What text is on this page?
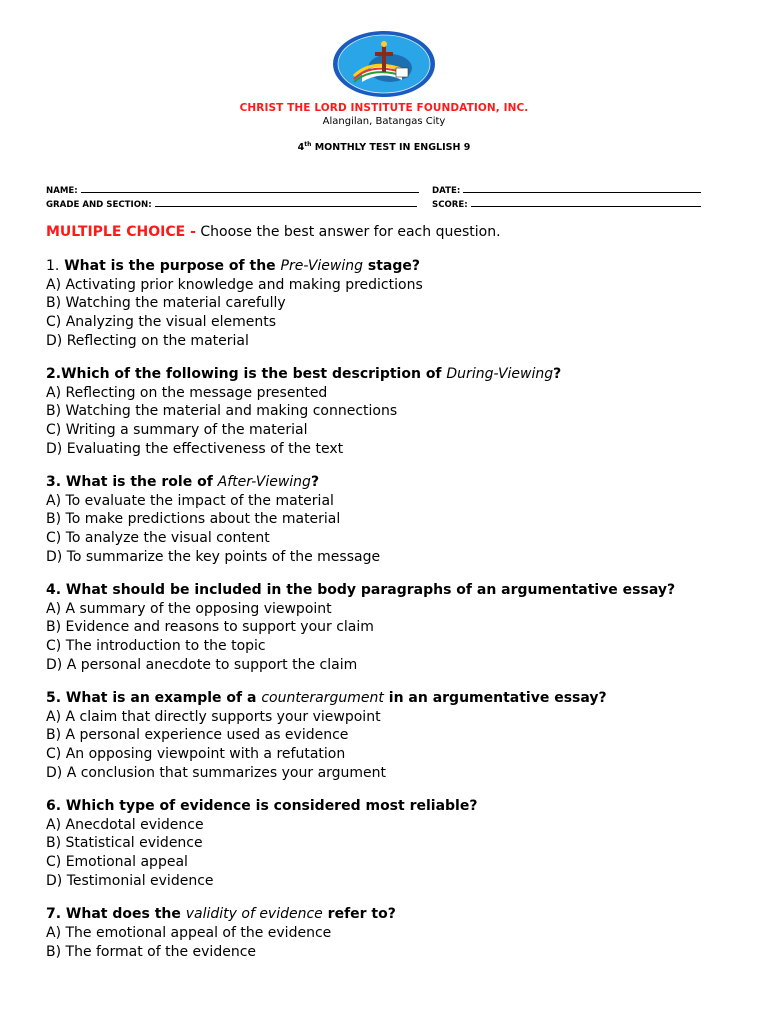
CHRIST THE LORD INSTITUTE FOUNDATION, INC.
Alangilan, Batangas City
4th MONTHLY TEST IN ENGLISH 9
NAME:	DATE:
GRADE AND SECTION:	SCORE:
MULTIPLE CHOICE - Choose the best answer for each question.
1. What is the purpose of the Pre-Viewing stage?
A) Activating prior knowledge and making predictions
B) Watching the material carefully
C) Analyzing the visual elements
D) Reflecting on the material
2.Which of the following is the best description of During-Viewing?
A) Reflecting on the message presented
B) Watching the material and making connections
C) Writing a summary of the material
D) Evaluating the effectiveness of the text
3. What is the role of After-Viewing?
A) To evaluate the impact of the material
B) To make predictions about the material
C) To analyze the visual content
D) To summarize the key points of the message
4. What should be included in the body paragraphs of an argumentative essay?
A) A summary of the opposing viewpoint
B) Evidence and reasons to support your claim
C) The introduction to the topic
D) A personal anecdote to support the claim
5. What is an example of a counterargument in an argumentative essay?
A) A claim that directly supports your viewpoint
B) A personal experience used as evidence
C) An opposing viewpoint with a refutation
D) A conclusion that summarizes your argument
6. Which type of evidence is considered most reliable?
A) Anecdotal evidence
B) Statistical evidence
C) Emotional appeal
D) Testimonial evidence
7. What does the validity of evidence refer to?
A) The emotional appeal of the evidence
B) The format of the evidence
